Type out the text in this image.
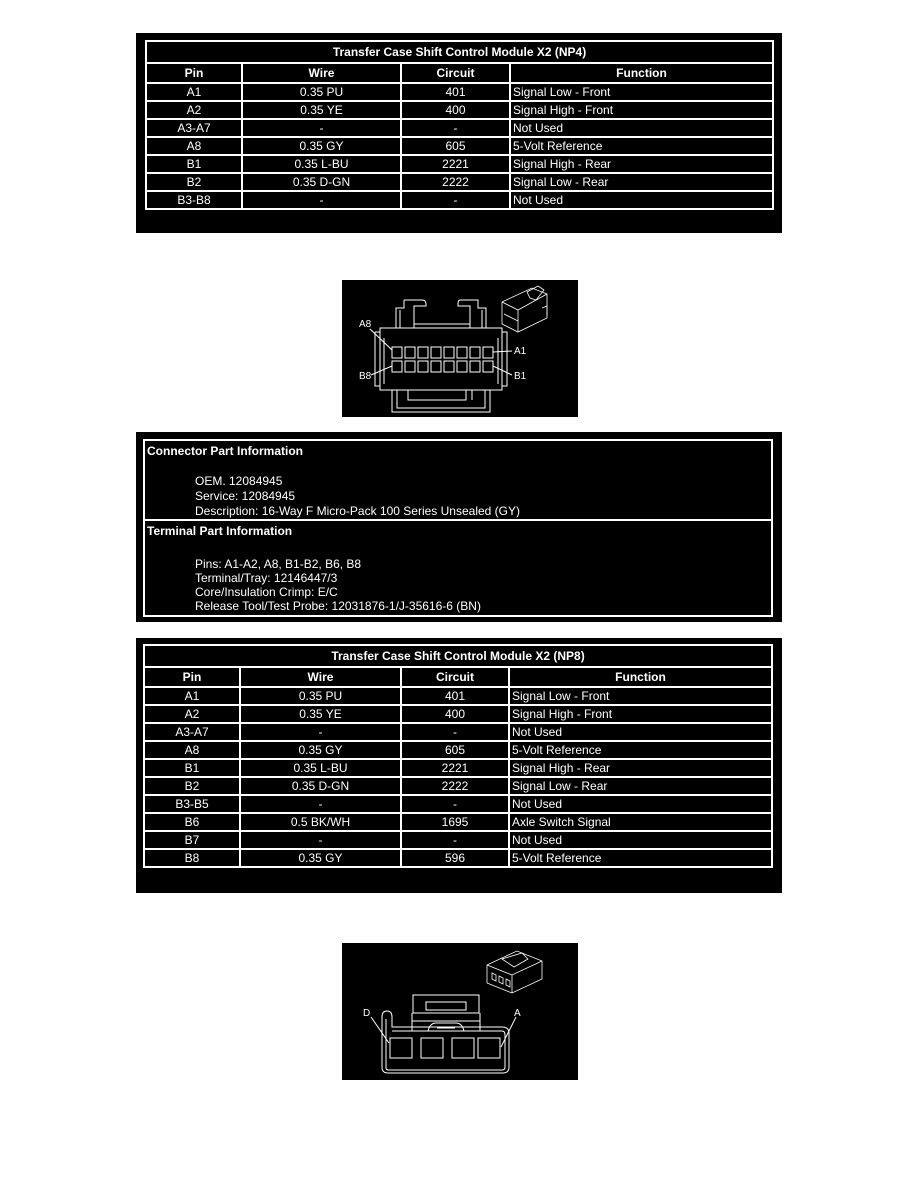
Transfer Case Shift Control Module X2 (NP4)			
Pin	Wire	Circuit	Function
A1	0.35 PU	401	Signal Low - Front
A2	0.35 YE	400	Signal High - Front
A3-A7	-	-	Not Used
A8	0.35 GY	605	5-Volt Reference
B1	0.35 L-BU	2221	Signal High - Rear
B2	0.35 D-GN	2222	Signal Low - Rear
B3-B8	-	-	Not Used
A8
A1
B8	B1
Connector Part Information
OEM. 12084945
Service: 12084945
Description: 16-Way F Micro-Pack 100 Series Unsealed (GY)
Terminal Part Information
Pins: A1-A2, A8, B1-B2, B6, B8
Terminal/Tray: 12146447/3
Core/Insulation Crimp: E/C
Release Tool/Test Probe: 12031876-1/J-35616-6 (BN)
Transfer Case Shift Control Module X2 (NP8)			
Pin	Wire	Circuit	Function
A1	0.35 PU	401	Signal Low - Front
A2	0.35 YE	400	Signal High - Front
A3-A7	-	-	Not Used
A8	0.35 GY	605	5-Volt Reference
B1	0.35 L-BU	2221	Signal High - Rear
B2	0.35 D-GN	2222	Signal Low - Rear
B3-B5	-	-	Not Used
B6	0.5 BK/WH	1695	Axle Switch Signal
B7	-	-	Not Used
B8	0.35 GY	596	5-Volt Reference
D	A
